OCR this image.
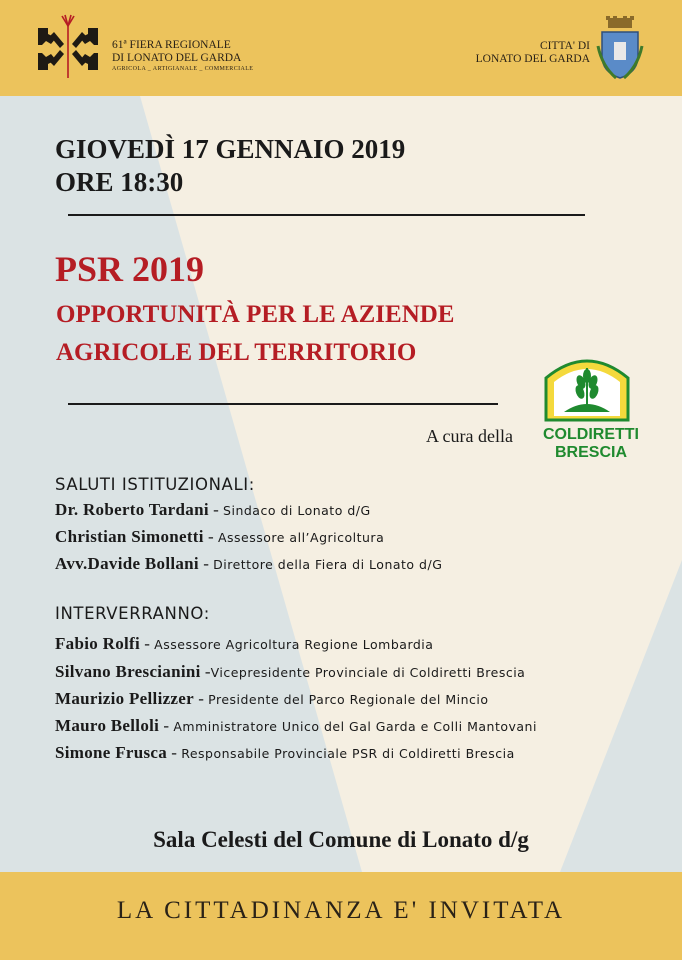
61ª FIERA REGIONALE
DI LONATO DEL GARDA
AGRICOLA _ ARTIGIANALE _ COMMERCIALE
CITTA' DI
LONATO DEL GARDA
GIOVEDÌ 17 GENNAIO 2019
ORE 18:30
PSR 2019
OPPORTUNITÀ PER LE AZIENDE
AGRICOLE DEL TERRITORIO
A cura della COLDIRETTI
BRESCIA
SALUTI ISTITUZIONALI:
Dr. Roberto Tardani - Sindaco di Lonato d/G
Christian Simonetti - Assessore all’Agricoltura
Avv.Davide Bollani - Direttore della Fiera di Lonato d/G
INTERVERRANNO:
Fabio Rolfi - Assessore Agricoltura Regione Lombardia
Silvano Brescianini -Vicepresidente Provinciale di Coldiretti Brescia
Maurizio Pellizzer - Presidente del Parco Regionale del Mincio
Mauro Belloli - Amministratore Unico del Gal Garda e Colli Mantovani
Simone Frusca - Responsabile Provinciale PSR di Coldiretti Brescia
Sala Celesti del Comune di Lonato d/g
LA CITTADINANZA E' INVITATA
